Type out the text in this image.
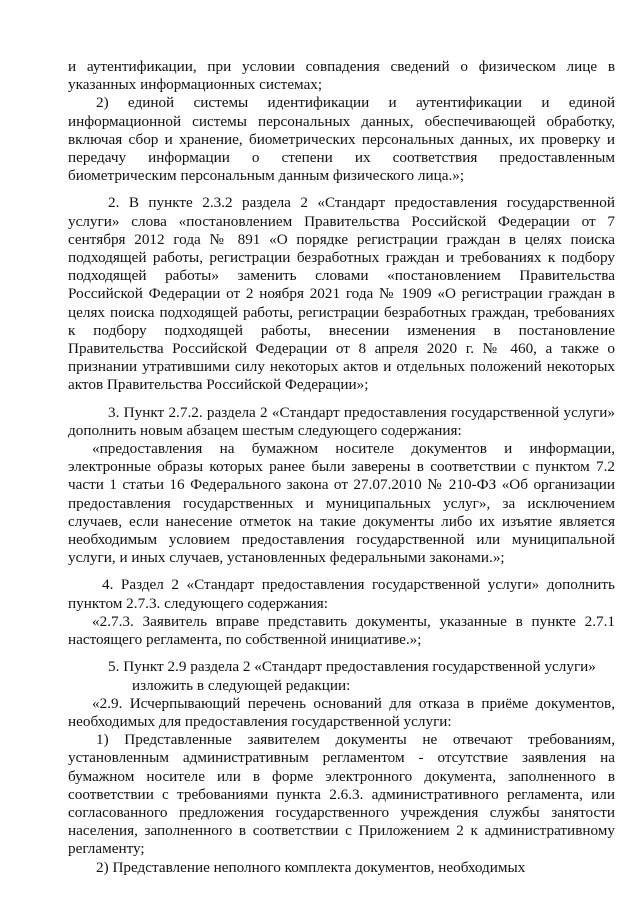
и аутентификации, при условии совпадения сведений о физическом лице в указанных информационных системах;

2) единой системы идентификации и аутентификации и единой информационной системы персональных данных, обеспечивающей обработку, включая сбор и хранение, биометрических персональных данных, их проверку и передачу информации о степени их соответствия предоставленным биометрическим персональным данным физического лица.»;

2. В пункте 2.3.2 раздела 2 «Стандарт предоставления государственной услуги» слова «постановлением Правительства Российской Федерации от 7 сентября 2012 года № 891 «О порядке регистрации граждан в целях поиска подходящей работы, регистрации безработных граждан и требованиях к подбору подходящей работы» заменить словами «постановлением Правительства Российской Федерации от 2 ноября 2021 года № 1909 «О регистрации граждан в целях поиска подходящей работы, регистрации безработных граждан, требованиях к подбору подходящей работы, внесении изменения в постановление Правительства Российской Федерации от 8 апреля 2020 г. № 460, а также о признании утратившими силу некоторых актов и отдельных положений некоторых актов Правительства Российской Федерации»;

3. Пункт 2.7.2. раздела 2 «Стандарт предоставления государственной услуги» дополнить новым абзацем шестым следующего содержания:

«предоставления на бумажном носителе документов и информации, электронные образы которых ранее были заверены в соответствии с пунктом 7.2 части 1 статьи 16 Федерального закона от 27.07.2010 № 210-ФЗ «Об организации предоставления государственных и муниципальных услуг», за исключением случаев, если нанесение отметок на такие документы либо их изъятие является необходимым условием предоставления государственной или муниципальной услуги, и иных случаев, установленных федеральными законами.»;

4. Раздел 2 «Стандарт предоставления государственной услуги» дополнить пунктом 2.7.3. следующего содержания:

«2.7.3. Заявитель вправе представить документы, указанные в пункте 2.7.1 настоящего регламента, по собственной инициативе.»;

5. Пункт 2.9 раздела 2 «Стандарт предоставления государственной услуги»

изложить в следующей редакции:

«2.9. Исчерпывающий перечень оснований для отказа в приёме документов, необходимых для предоставления государственной услуги:

1) Представленные заявителем документы не отвечают требованиям, установленным административным регламентом - отсутствие заявления на бумажном носителе или в форме электронного документа, заполненного в соответствии с требованиями пункта 2.6.3. административного регламента, или согласованного предложения государственного учреждения службы занятости населения, заполненного в соответствии с Приложением 2 к административному регламенту;

2) Представление неполного комплекта документов, необходимых
